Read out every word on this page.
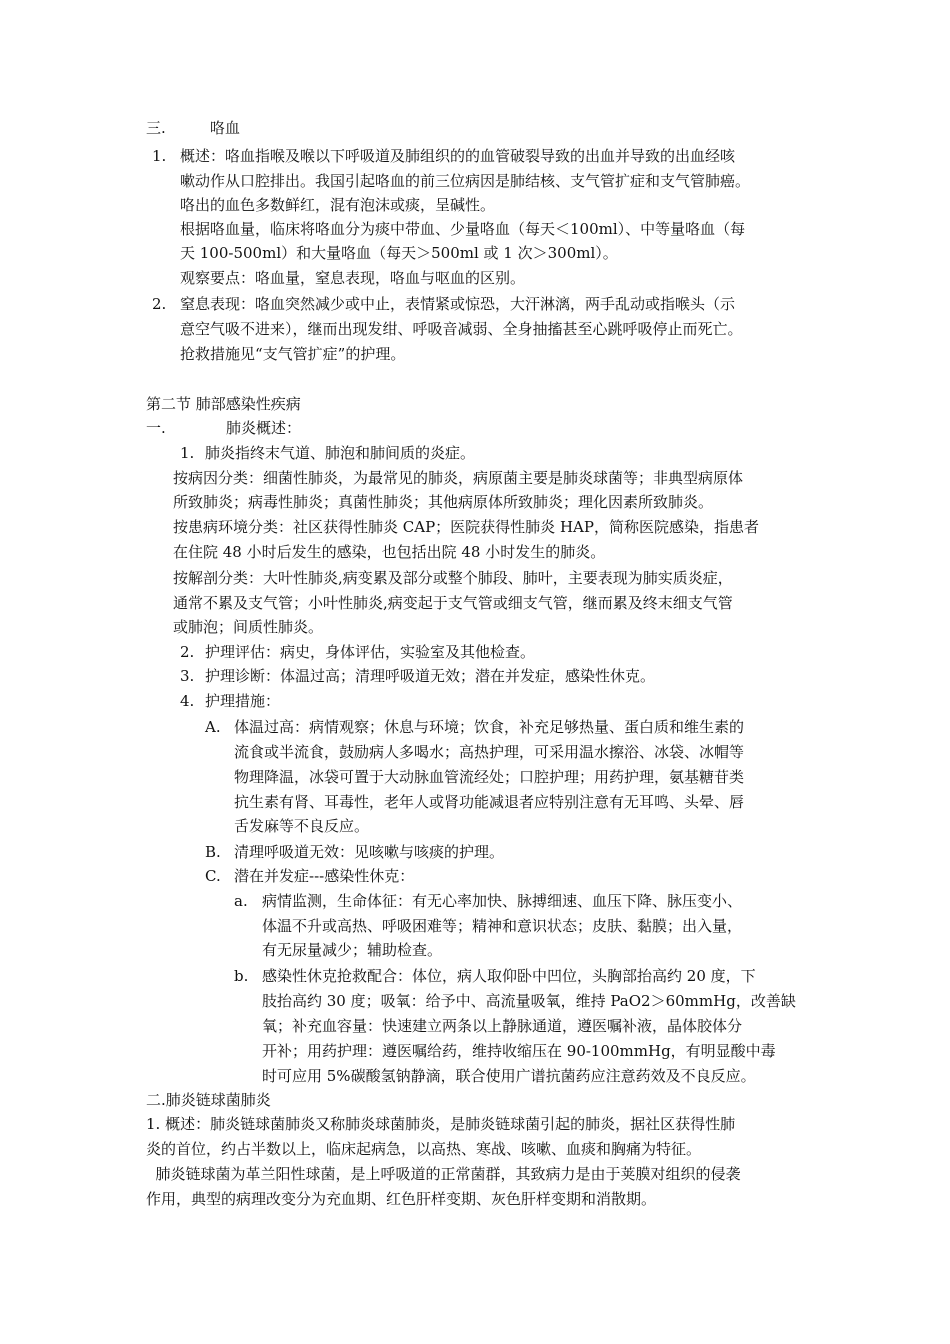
三.	咯血
1. 概述：咯血指喉及喉以下呼吸道及肺组织的的血管破裂导致的出血并导致的出血经咳
嗽动作从口腔排出。我国引起咯血的前三位病因是肺结核、支气管扩症和支气管肺癌。
咯出的血色多数鲜红，混有泡沫或痰，呈碱性。
根据咯血量，临床将咯血分为痰中带血、少量咯血（每天＜100ml）、中等量咯血（每
天 100-500ml）和大量咯血（每天＞500ml 或 1 次＞300ml）。
观察要点：咯血量，窒息表现，咯血与呕血的区别。
2. 窒息表现：咯血突然减少或中止，表情紧或惊恐，大汗淋漓，两手乱动或指喉头（示
意空气吸不进来），继而出现发绀、呼吸音减弱、全身抽搐甚至心跳呼吸停止而死亡。
抢救措施见“支气管扩症”的护理。
第二节 肺部感染性疾病
一.	肺炎概述：
1. 肺炎指终末气道、肺泡和肺间质的炎症。
按病因分类：细菌性肺炎，为最常见的肺炎，病原菌主要是肺炎球菌等；非典型病原体
所致肺炎；病毒性肺炎；真菌性肺炎；其他病原体所致肺炎；理化因素所致肺炎。
按患病环境分类：社区获得性肺炎 CAP；医院获得性肺炎 HAP，简称医院感染，指患者
在住院 48 小时后发生的感染，也包括出院 48 小时发生的肺炎。
按解剖分类：大叶性肺炎,病变累及部分或整个肺段、肺叶，主要表现为肺实质炎症，
通常不累及支气管；小叶性肺炎,病变起于支气管或细支气管，继而累及终末细支气管
或肺泡；间质性肺炎。
2. 护理评估：病史，身体评估，实验室及其他检查。
3. 护理诊断：体温过高；清理呼吸道无效；潜在并发症，感染性休克。
4. 护理措施：
A. 体温过高：病情观察；休息与环境；饮食，补充足够热量、蛋白质和维生素的
流食或半流食，鼓励病人多喝水；高热护理，可采用温水擦浴、冰袋、冰帽等
物理降温，冰袋可置于大动脉血管流经处；口腔护理；用药护理，氨基糖苷类
抗生素有肾、耳毒性，老年人或肾功能减退者应特别注意有无耳鸣、头晕、唇
舌发麻等不良反应。
B. 清理呼吸道无效：见咳嗽与咳痰的护理。
C. 潜在并发症---感染性休克：
a. 病情监测，生命体征：有无心率加快、脉搏细速、血压下降、脉压变小、
体温不升或高热、呼吸困难等；精神和意识状态；皮肤、黏膜；出入量，
有无尿量减少；辅助检查。
b. 感染性休克抢救配合：体位，病人取仰卧中凹位，头胸部抬高约 20 度，下
肢抬高约 30 度；吸氧：给予中、高流量吸氧，维持 PaO2＞60mmHg，改善缺
氧；补充血容量：快速建立两条以上静脉通道，遵医嘱补液，晶体胶体分
开补；用药护理：遵医嘱给药，维持收缩压在 90-100mmHg，有明显酸中毒
时可应用 5%碳酸氢钠静滴，联合使用广谱抗菌药应注意药效及不良反应。
二.肺炎链球菌肺炎
1. 概述：肺炎链球菌肺炎又称肺炎球菌肺炎，是肺炎链球菌引起的肺炎，据社区获得性肺
炎的首位，约占半数以上，临床起病急，以高热、寒战、咳嗽、血痰和胸痛为特征。
肺炎链球菌为革兰阳性球菌，是上呼吸道的正常菌群，其致病力是由于荚膜对组织的侵袭
作用，典型的病理改变分为充血期、红色肝样变期、灰色肝样变期和消散期。
